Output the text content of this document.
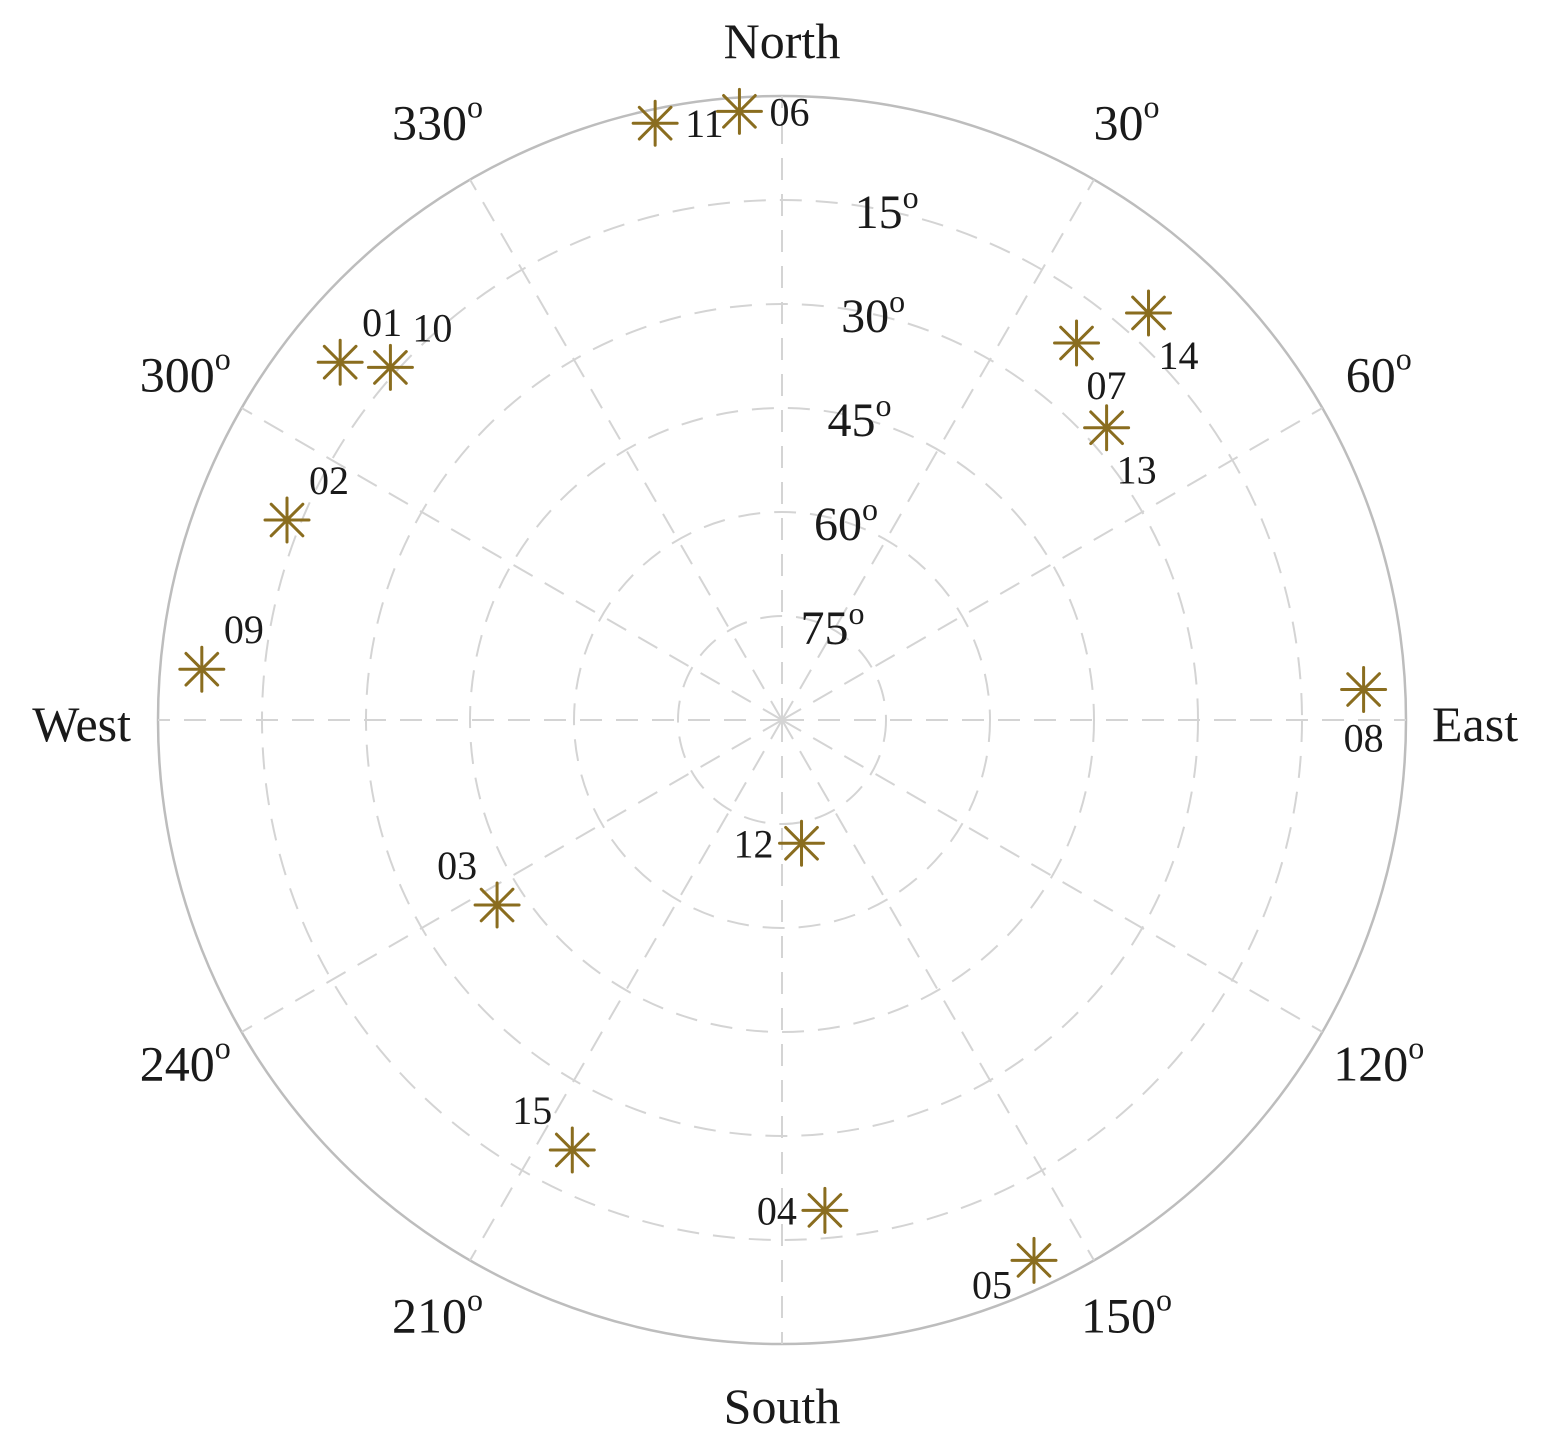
North
South
East
West
30$^o$
60$^o$
120$^o$
150$^o$
210$^o$
240$^o$
300$^o$
330$^o$
15$^o$
30$^o$
45$^o$
60$^o$
75$^o$
01
02
03
04
05
06
07
08
09
10
11
12
13
14
15
